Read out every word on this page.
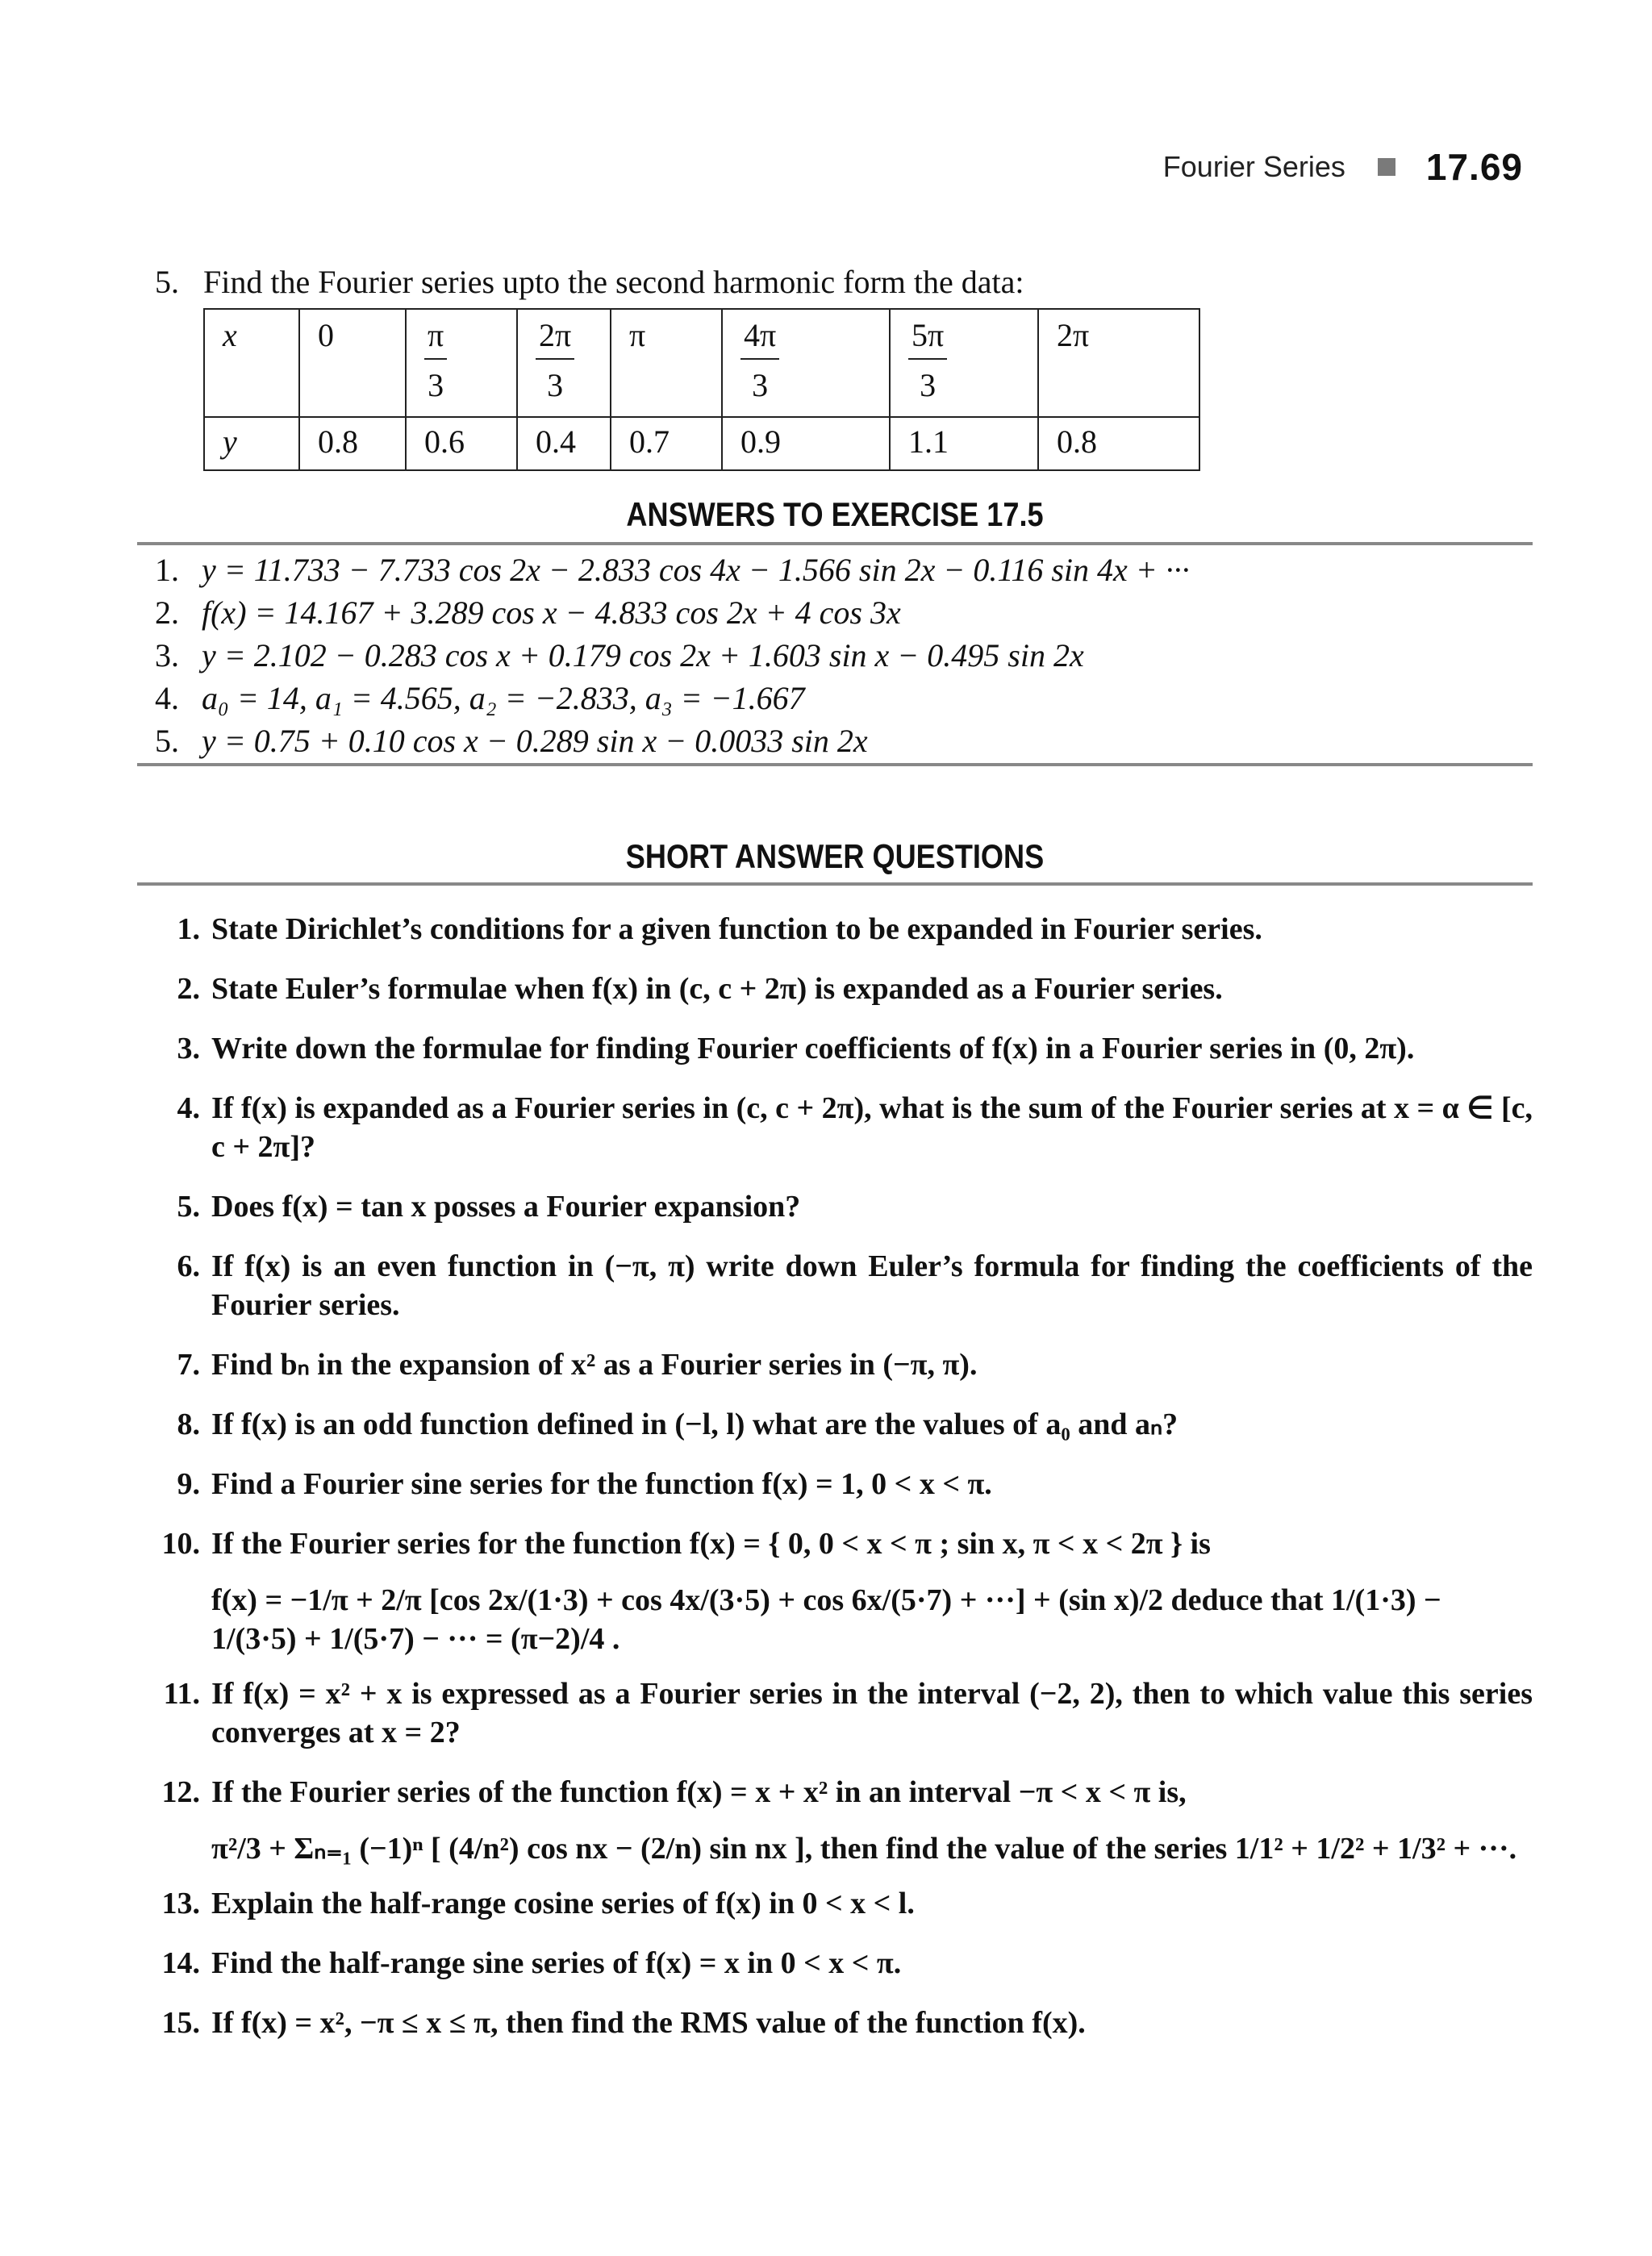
Fourier Series 17.69
5. Find the Fourier series upto the second harmonic form the data:
x	0	$\frac{\pi}{3}$	$\frac{2\pi}{3}$	π	$\frac{4\pi}{3}$	$\frac{5\pi}{3}$	2π

y	0.8	0.6	0.4	0.7	0.9	1.1	0.8
ANSWERS TO EXERCISE 17.5
1. y = 11.733 − 7.733 cos 2x − 2.833 cos 4x − 1.566 sin 2x − 0.116 sin 4x + ···
2. f(x) = 14.167 + 3.289 cos x − 4.833 cos 2x + 4 cos 3x
3. y = 2.102 − 0.283 cos x + 0.179 cos 2x + 1.603 sin x − 0.495 sin 2x
4. a₀ = 14, a₁ = 4.565, a₂ = −2.833, a₃ = −1.667
5. y = 0.75 + 0.10 cos x − 0.289 sin x − 0.0033 sin 2x
SHORT ANSWER QUESTIONS
1. State Dirichlet’s conditions for a given function to be expanded in Fourier series.
2. State Euler’s formulae when f(x) in (c, c + 2π) is expanded as a Fourier series.
3. Write down the formulae for finding Fourier coefficients of f(x) in a Fourier series in (0, 2π).
4. If f(x) is expanded as a Fourier series in (c, c + 2π), what is the sum of the Fourier series at x = α ∈ [c, c + 2π]?
5. Does f(x) = tan x posses a Fourier expansion?
6. If f(x) is an even function in (−π, π) write down Euler’s formula for finding the coefficients of the Fourier series.
7. Find bₙ in the expansion of x² as a Fourier series in (−π, π).
8. If f(x) is an odd function defined in (−l, l) what are the values of a₀ and aₙ?
9. Find a Fourier sine series for the function f(x) = 1, 0 < x < π.
10. If the Fourier series for the function f(x) = { 0, 0 < x < π ; sin x, π < x < 2π } is
f(x) = −1/π + 2/π [cos 2x/(1·3) + cos 4x/(3·5) + cos 6x/(5·7) + ···] + (sin x)/2 deduce that 1/(1·3) − 1/(3·5) + 1/(5·7) − ··· = (π−2)/4 .
11. If f(x) = x² + x is expressed as a Fourier series in the interval (−2, 2), then to which value this series converges at x = 2?
12. If the Fourier series of the function f(x) = x + x² in an interval −π < x < π is,
π²/3 + Σₙ₌₁ (−1)ⁿ [ (4/n²) cos nx − (2/n) sin nx ], then find the value of the series 1/1² + 1/2² + 1/3² + ···.
13. Explain the half-range cosine series of f(x) in 0 < x < l.
14. Find the half-range sine series of f(x) = x in 0 < x < π.
15. If f(x) = x², −π ≤ x ≤ π, then find the RMS value of the function f(x).
